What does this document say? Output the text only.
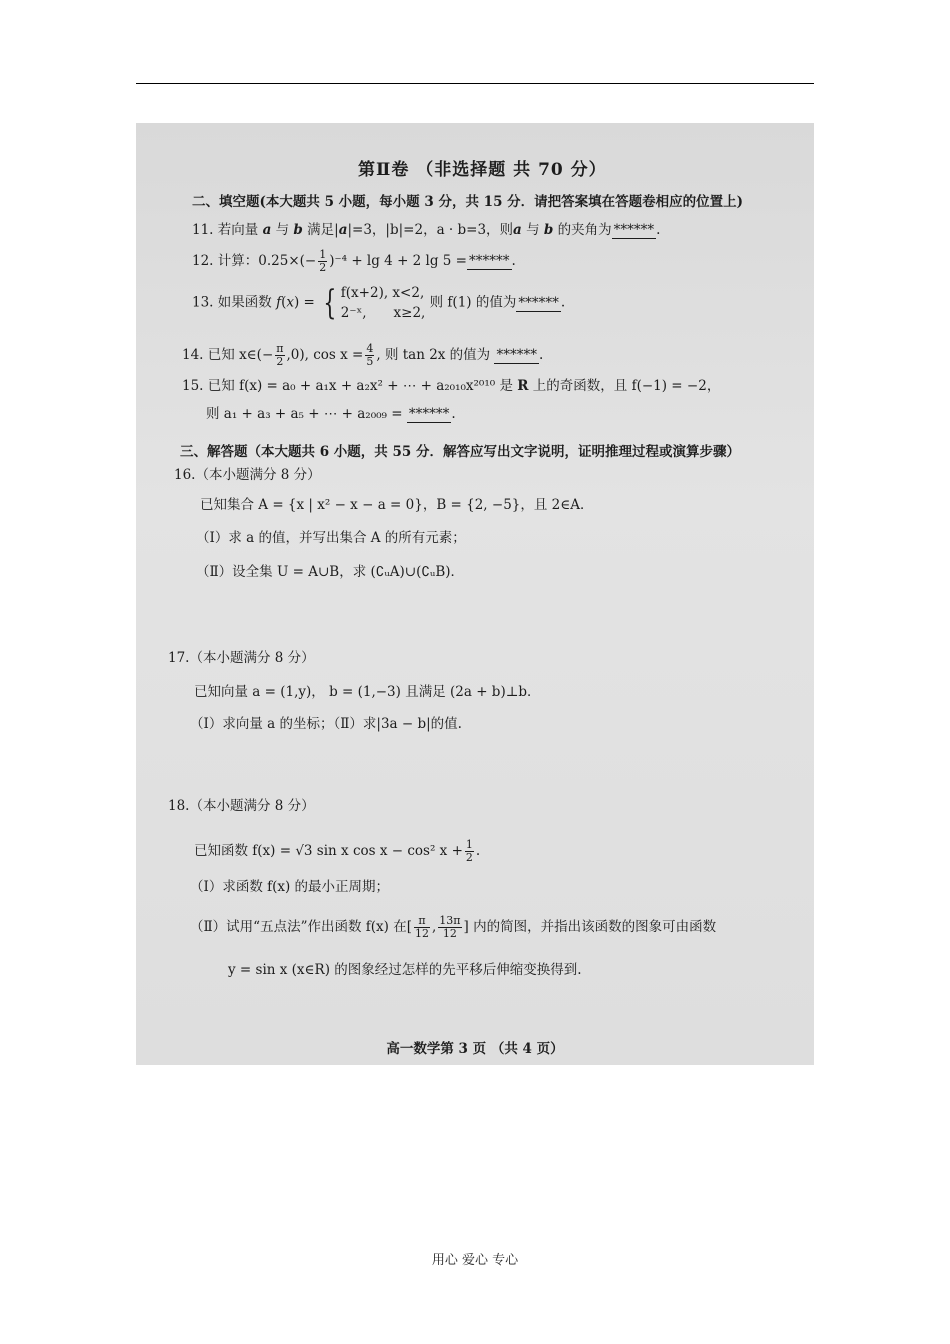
第Ⅱ卷 （非选择题 共 70 分）
二、填空题(本大题共 5 小题，每小题 3 分，共 15 分．请把答案填在答题卷相应的位置上)
11. 若向量 a 与 b 满足|a|=3，|b|=2，a · b=3，则a 与 b 的夹角为 ****** .
12. 计算：$0.25\times(- \frac{1}{2} )^{-4} + \lg 4 + 2$ lg 5 = ****** .
13. 如果函数 f(x) = { f(x+2), x<2,
2⁻ˣ,　　x≥2,
则 f(1) 的值为 ****** .
14. 已知 x∈(− $\frac{\pi}{2} ,0$), $\cos x = \frac{4}{5}$ , 则 tan 2x 的值为 ****** .
15. 已知 f(x) = a₀ + a₁x + a₂x² + ⋯ + a₂₀₁₀x²⁰¹⁰ 是 R 上的奇函数，且 f(−1) = −2，
则 a₁ + a₃ + a₅ + ⋯ + a₂₀₀₉ = ****** .
三、解答题（本大题共 6 小题，共 55 分．解答应写出文字说明，证明推理过程或演算步骤）
16.（本小题满分 8 分）
已知集合 A = {x | x² − x − a = 0}，B = {2, −5}，且 2∈A．
（Ⅰ）求 a 的值，并写出集合 A 的所有元素；
（Ⅱ）设全集 U = A∪B，求 (∁ᵤA)∪(∁ᵤB)．
17.（本小题满分 8 分）
已知向量 a = (1,y)， b = (1,−3) 且满足 (2a + b)⊥b．
（Ⅰ）求向量 a 的坐标；（Ⅱ）求|3a − b|的值.
18.（本小题满分 8 分）
已知函数 f(x) = √3 sin x cos x − cos² $x + \frac{1}{2}$ .
（Ⅰ）求函数 f(x) 的最小正周期；
（Ⅱ）试用“五点法”作出函数 f(x) 在[ $\frac{\pi}{12}$ , $\frac{13\pi}{12}$ ] 内的简图，并指出该函数的图象可由函数
y = sin x (x∈R) 的图象经过怎样的先平移后伸缩变换得到.
高一数学第 3 页 （共 4 页）
用心 爱心 专心
